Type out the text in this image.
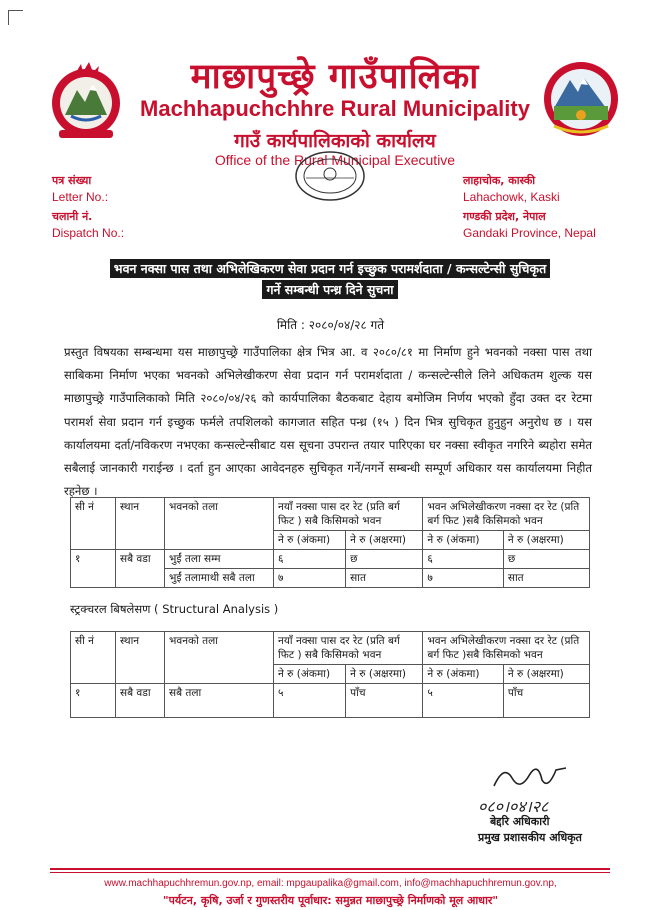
माछापुच्छ्रे गाउँपालिका
Machhapuchchhre Rural Municipality
गाउँ कार्यपालिकाको कार्यालय
Office of the Rural Municipal Executive
पत्र संख्या
Letter No.:
चलानी नं.
Dispatch No.:
लाहाचोक, कास्की
Lahachowk, Kaski
गण्डकी प्रदेश, नेपाल
Gandaki Province, Nepal
भवन नक्सा पास तथा अभिलेखिकरण सेवा प्रदान गर्न इच्छुक परामर्शदाता / कन्सल्टेन्सी सुचिकृत
गर्ने सम्बन्धी पन्ध्र दिने सुचना
मिति : २०८०/०४/२८ गते
प्रस्तुत विषयका सम्बन्धमा यस माछापुच्छ्रे गाउँपालिका क्षेत्र भित्र आ. व २०८०/८१ मा निर्माण हुने भवनको नक्सा पास तथा साबिकमा निर्माण भएका भवनको अभिलेखीकरण सेवा प्रदान गर्न परामर्शदाता / कन्सल्टेन्सीले लिने अधिकतम शुल्क यस माछापुच्छ्रे गाउँपालिकाको मिति २०८०/०४/२६ को कार्यपालिका बैठकबाट देहाय बमोजिम निर्णय भएको हुँदा उक्त दर रेटमा परामर्श सेवा प्रदान गर्न इच्छुक फर्मले तपशिलको कागजात सहित पन्ध्र (१५ ) दिन भित्र सुचिकृत हुनुहुन अनुरोध छ । यस कार्यालयमा दर्ता/नविकरण नभएका कन्सल्टेन्सीबाट यस सूचना उपरान्त तयार पारिएका घर नक्सा स्वीकृत नगरिने ब्यहोरा समेत सबैलाई जानकारी गराईन्छ । दर्ता हुन आएका आवेदनहरु सुचिकृत गर्ने/नगर्ने सम्बन्धी सम्पूर्ण अधिकार यस कार्यालयमा निहीत रहनेछ ।
सी नं	स्थान	भवनको तला	नयाँ नक्सा पास दर रेट (प्रति बर्ग फिट ) सबै किसिमको भवन		भवन अभिलेखीकरण नक्सा दर रेट (प्रति बर्ग फिट )सबै किसिमको भवन	
			ने रु (अंकमा)	ने रु (अक्षरमा)	ने रु (अंकमा)	ने रु (अक्षरमा)
१	सबै वडा	भुईं तला सम्म	६	छ	६	छ
		भुईं तलामाथी सबै तला	७	सात	७	सात
स्ट्रक्चरल बिषलेसण ( Structural Analysis )
सी नं	स्थान	भवनको तला	नयाँ नक्सा पास दर रेट (प्रति बर्ग फिट ) सबै किसिमको भवन		भवन अभिलेखीकरण नक्सा दर रेट (प्रति बर्ग फिट )सबै किसिमको भवन	
			ने रु (अंकमा)	ने रु (अक्षरमा)	ने रु (अंकमा)	ने रु (अक्षरमा)
१	सबै वडा	सबै तला	५	पाँच	५	पाँच
०८०।०४।२८
बेद्दरि अधिकारी
प्रमुख प्रशासकीय अधिकृत
www.machhapuchhremun.gov.np, email: mpgaupalika@gmail.com, info@machhapuchhremun.gov.np,
"पर्यटन, कृषि, उर्जा र गुणस्तरीय पूर्वाधार: समुन्नत माछापुच्छ्रे निर्माणको मूल आधार"
